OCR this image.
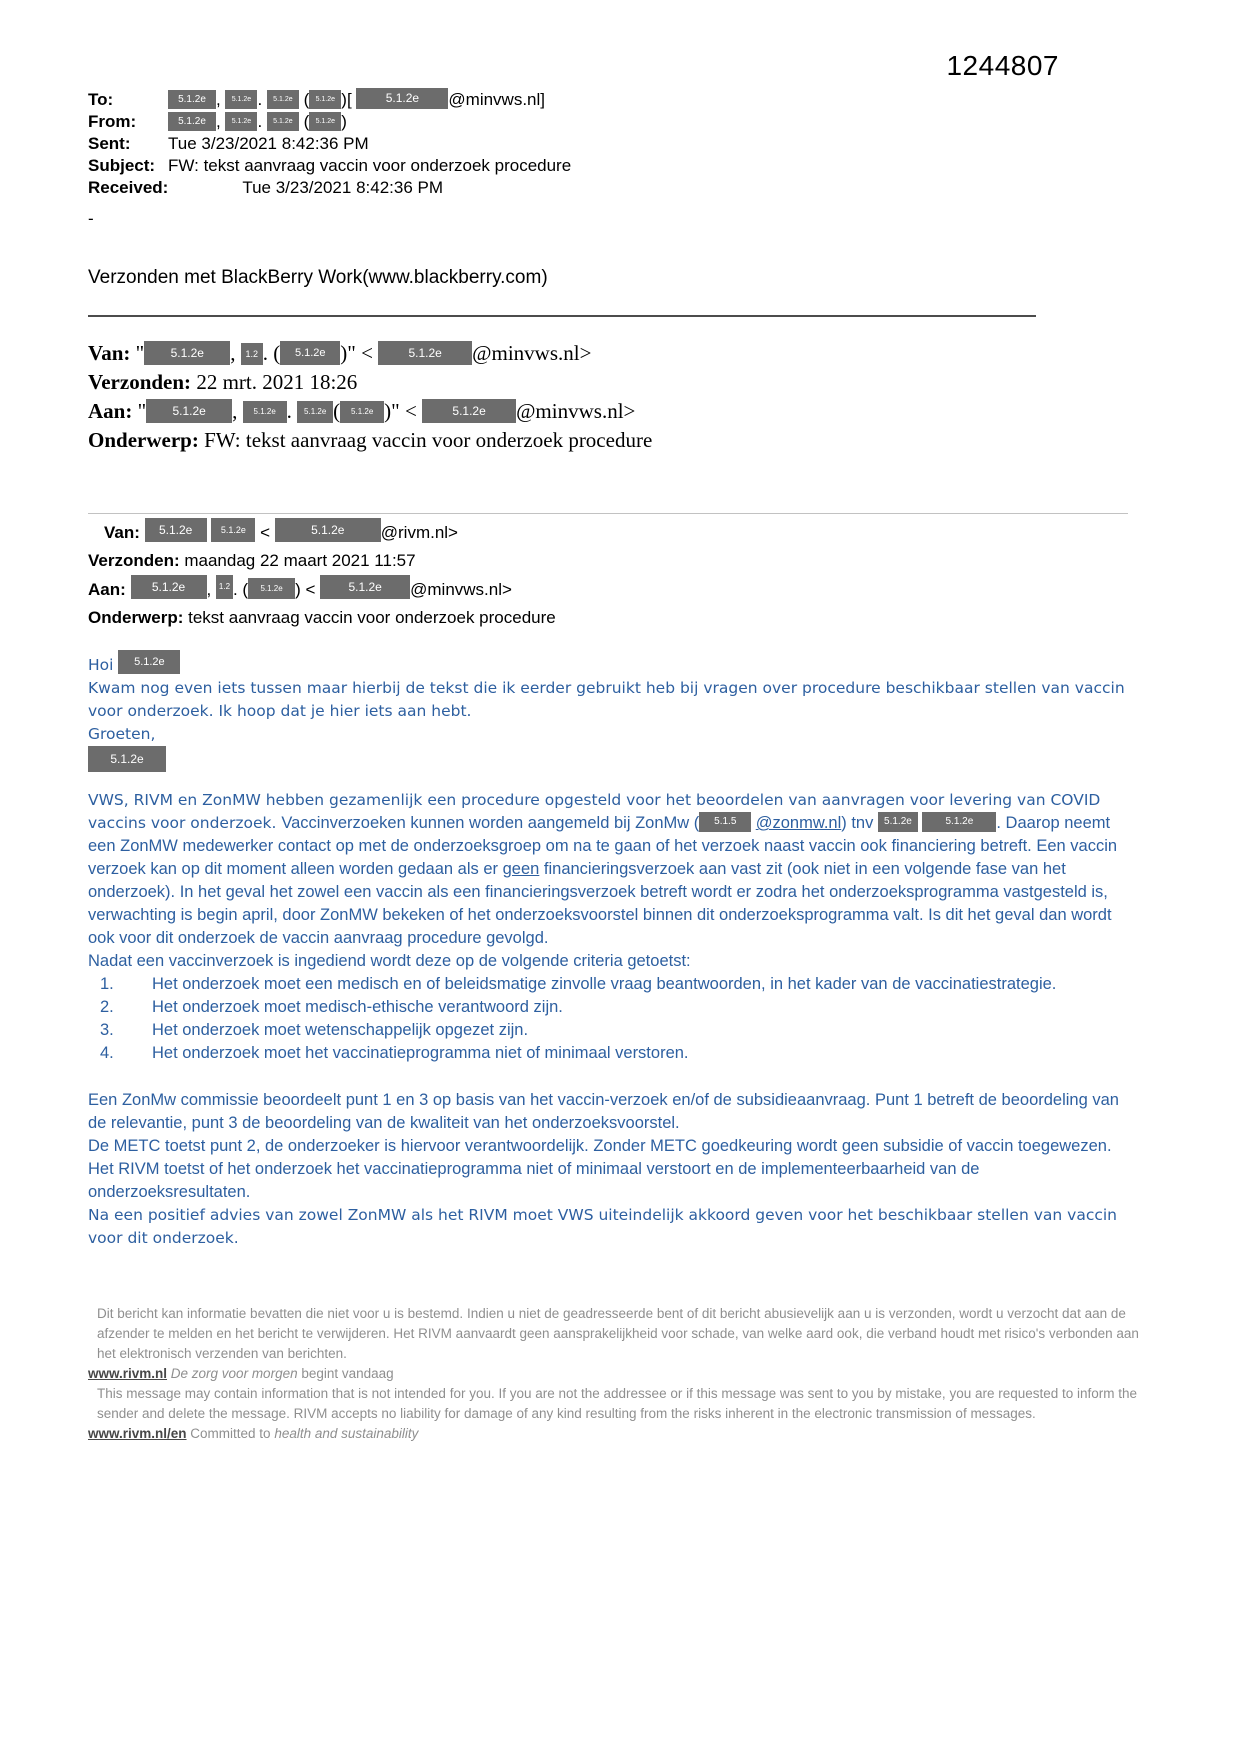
1244807
To:	5.1.2e , 5.1.2e . 5.1.2e ( 5.1.2e )[ 5.1.2e @minvws.nl]
From:	5.1.2e , 5.1.2e . 5.1.2e ( 5.1.2e )
Sent:	Tue 3/23/2021 8:42:36 PM
Subject: FW: tekst aanvraag vaccin voor onderzoek procedure
Received:	Tue 3/23/2021 8:42:36 PM
-

Verzonden met BlackBerry Work(www.blackberry.com)

Van: " 5.1.2e , 1.2 . ( 5.1.2e )" <	5.1.2e @minvws.nl>
Verzonden: 22 mrt. 2021 18:26
Aan: " 5.1.2e , 5.1.2e . 5.1.2e ( 5.1.2e )" <	5.1.2e @minvws.nl>
Onderwerp: FW: tekst aanvraag vaccin voor onderzoek procedure
Van: 5.1.2e	5.1.2e <	5.1.2e @rivm.nl>
Verzonden: maandag 22 maart 2021 11:57
Aan: 5.1.2e , 1.2 . ( 5.1.2e ) < 5.1.2e @minvws.nl>
Onderwerp: tekst aanvraag vaccin voor onderzoek procedure

Hoi 5.1.2e

Kwam nog even iets tussen maar hierbij de tekst die ik eerder gebruikt heb bij vragen over procedure beschikbaar stellen van vaccin voor onderzoek. Ik hoop dat je hier iets aan hebt.

Groeten,

5.1.2e

VWS, RIVM en ZonMW hebben gezamenlijk een procedure opgesteld voor het beoordelen van aanvragen voor levering van COVID vaccins voor onderzoek. Vaccinverzoeken kunnen worden aangemeld bij ZonMw ( 5.1.5 @zonmw.nl) tnv 5.1.2e	5.1.2e . Daarop neemt een ZonMW medewerker contact op met de onderzoeksgroep om na te gaan of het verzoek naast vaccin ook financiering betreft. Een vaccin verzoek kan op dit moment alleen worden gedaan als er geen financieringsverzoek aan vast zit (ook niet in een volgende fase van het onderzoek). In het geval het zowel een vaccin als een financieringsverzoek betreft wordt er zodra het onderzoeksprogramma vastgesteld is, verwachting is begin april, door ZonMW bekeken of het onderzoeksvoorstel binnen dit onderzoeksprogramma valt. Is dit het geval dan wordt ook voor dit onderzoek de vaccin aanvraag procedure gevolgd.

Nadat een vaccinverzoek is ingediend wordt deze op de volgende criteria getoetst:

1.	Het onderzoek moet een medisch en of beleidsmatige zinvolle vraag beantwoorden, in het kader van de vaccinatiestrategie.
2.	Het onderzoek moet medisch-ethische verantwoord zijn.
3.	Het onderzoek moet wetenschappelijk opgezet zijn.
4.	Het onderzoek moet het vaccinatieprogramma niet of minimaal verstoren.

Een ZonMw commissie beoordeelt punt 1 en 3 op basis van het vaccin-verzoek en/of de subsidieaanvraag. Punt 1 betreft de beoordeling van de relevantie, punt 3 de beoordeling van de kwaliteit van het onderzoeksvoorstel.

De METC toetst punt 2, de onderzoeker is hiervoor verantwoordelijk. Zonder METC goedkeuring wordt geen subsidie of vaccin toegewezen.

Het RIVM toetst of het onderzoek het vaccinatieprogramma niet of minimaal verstoort en de implementeerbaarheid van de onderzoeksresultaten.

Na een positief advies van zowel ZonMW als het RIVM moet VWS uiteindelijk akkoord geven voor het beschikbaar stellen van vaccin voor dit onderzoek.

Dit bericht kan informatie bevatten die niet voor u is bestemd. Indien u niet de geadresseerde bent of dit bericht abusievelijk aan u is verzonden, wordt u verzocht dat aan de afzender te melden en het bericht te verwijderen. Het RIVM aanvaardt geen aansprakelijkheid voor schade, van welke aard ook, die verband houdt met risico's verbonden aan het elektronisch verzenden van berichten.

www.rivm.nl De zorg voor morgen begint vandaag

This message may contain information that is not intended for you. If you are not the addressee or if this message was sent to you by mistake, you are requested to inform the sender and delete the message. RIVM accepts no liability for damage of any kind resulting from the risks inherent in the electronic transmission of messages.

www.rivm.nl/en Committed to health and sustainability
